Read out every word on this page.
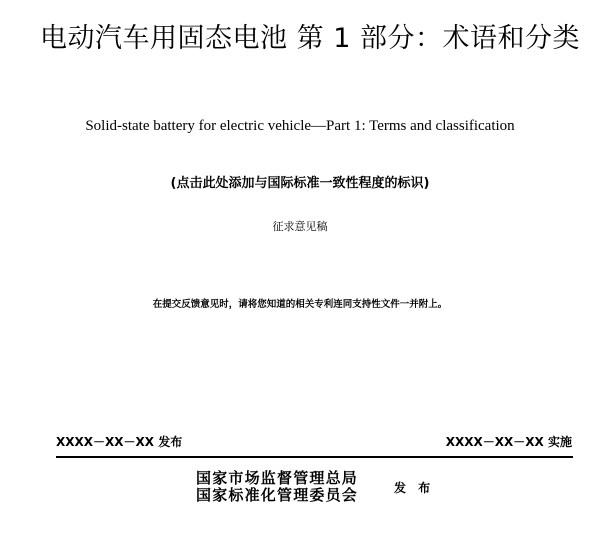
电动汽车用固态电池 第 1 部分：术语和分类
Solid-state battery for electric vehicle—Part 1: Terms and classification
(点击此处添加与国际标准一致性程度的标识)
征求意见稿
在提交反馈意见时，请将您知道的相关专利连同支持性文件一并附上。
XXXX－XX－XX 发布	XXXX－XX－XX 实施
国家市场监督管理总局
国家标准化管理委员会	发 布
